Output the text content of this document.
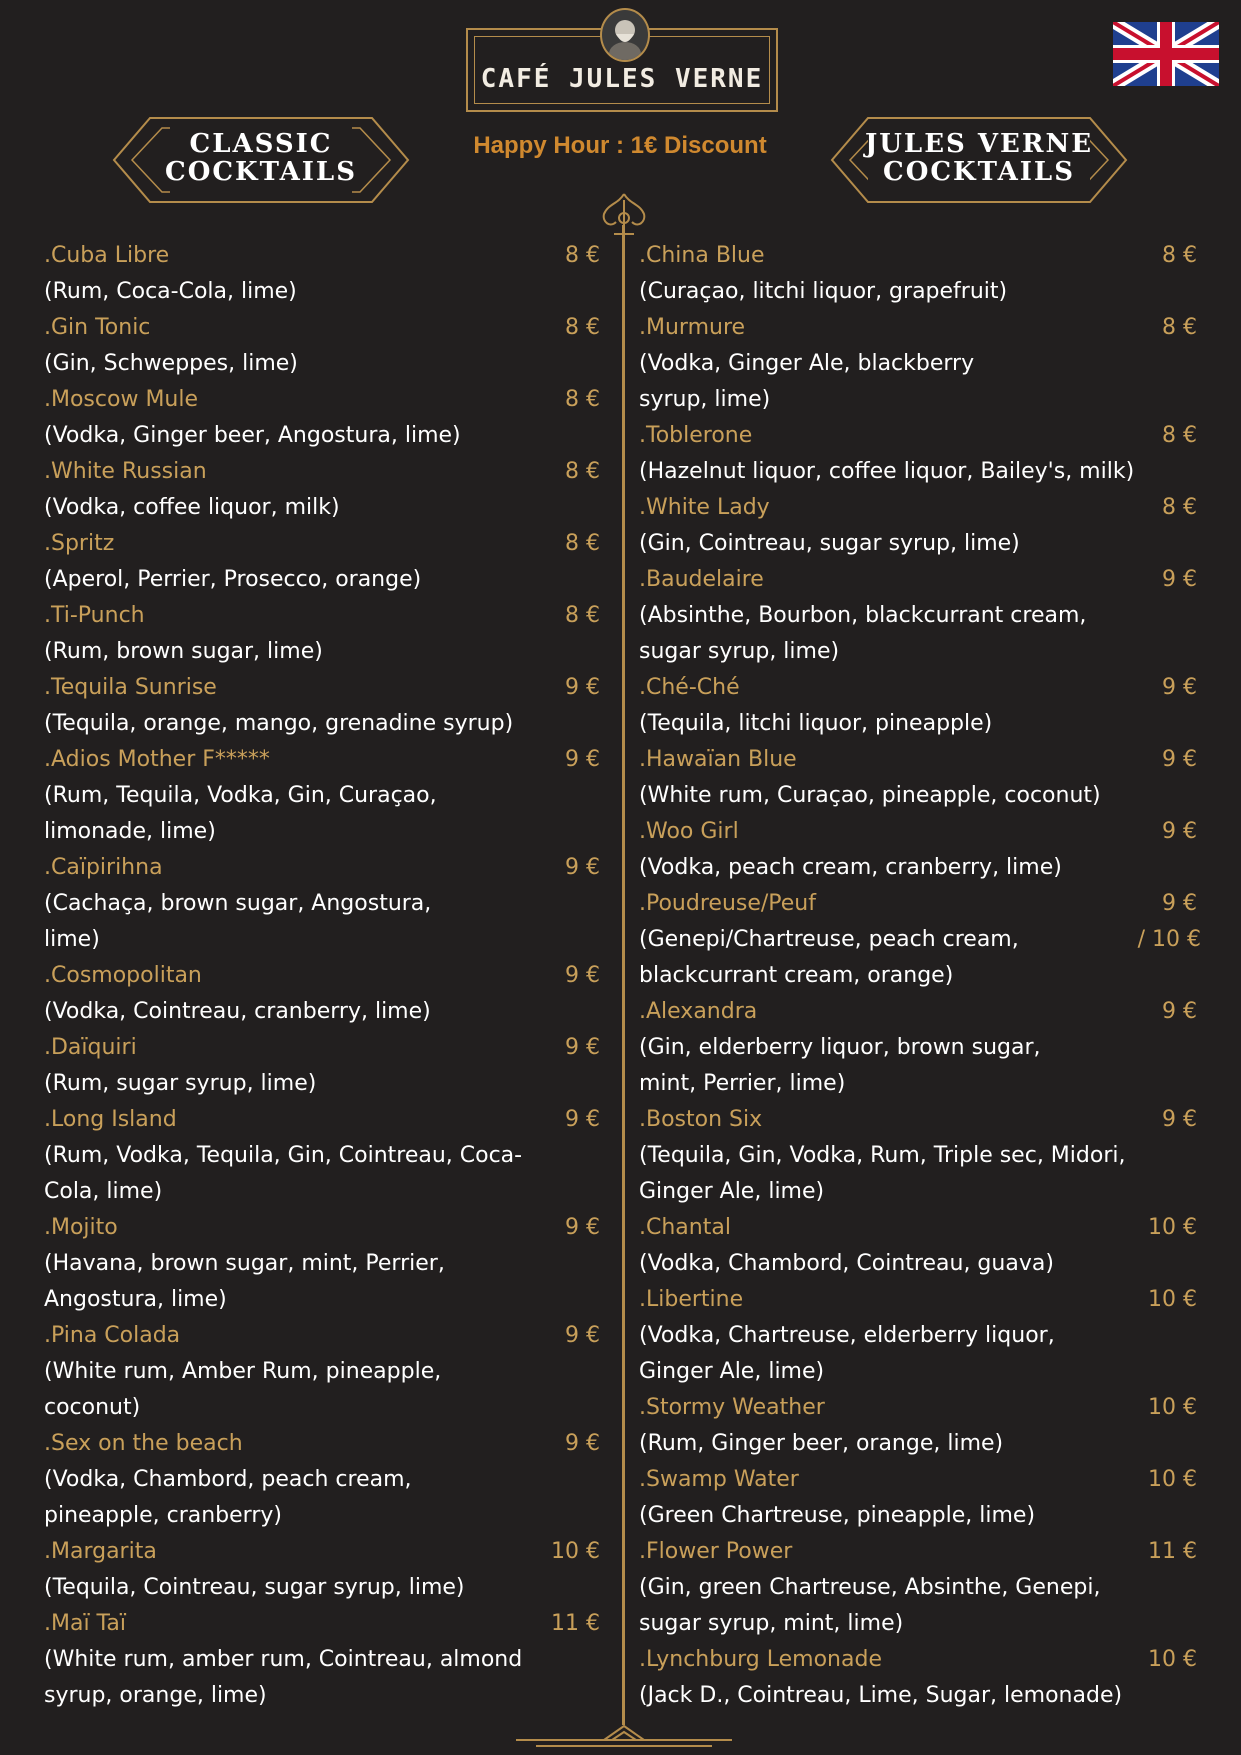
CAFÉ JULES VERNE
Happy Hour : 1€ Discount
CLASSIC
COCKTAILS
JULES VERNE
COCKTAILS
.Cuba Libre	8 €
(Rum, Coca-Cola, lime)
.Gin Tonic	8 €
(Gin, Schweppes, lime)
.Moscow Mule	8 €
(Vodka, Ginger beer, Angostura, lime)
.White Russian	8 €
(Vodka, coffee liquor, milk)
.Spritz	8 €
(Aperol, Perrier, Prosecco, orange)
.Ti-Punch	8 €
(Rum, brown sugar, lime)
.Tequila Sunrise	9 €
(Tequila, orange, mango, grenadine syrup)
.Adios Mother F*****	9 €
(Rum, Tequila, Vodka, Gin, Curaçao,
limonade, lime)
.Caïpirihna	9 €
(Cachaça, brown sugar, Angostura,
lime)
.Cosmopolitan	9 €
(Vodka, Cointreau, cranberry, lime)
.Daïquiri	9 €
(Rum, sugar syrup, lime)
.Long Island	9 €
(Rum, Vodka, Tequila, Gin, Cointreau, Coca-
Cola, lime)
.Mojito	9 €
(Havana, brown sugar, mint, Perrier,
Angostura, lime)
.Pina Colada	9 €
(White rum, Amber Rum, pineapple,
coconut)
.Sex on the beach	9 €
(Vodka, Chambord, peach cream,
pineapple, cranberry)
.Margarita	10 €
(Tequila, Cointreau, sugar syrup, lime)
.Maï Taï	11 €
(White rum, amber rum, Cointreau, almond
syrup, orange, lime)
.China Blue	8 €
(Curaçao, litchi liquor, grapefruit)
.Murmure	8 €
(Vodka, Ginger Ale, blackberry
syrup, lime)
.Toblerone	8 €
(Hazelnut liquor, coffee liquor, Bailey's, milk)
.White Lady	8 €
(Gin, Cointreau, sugar syrup, lime)
.Baudelaire	9 €
(Absinthe, Bourbon, blackcurrant cream,
sugar syrup, lime)
.Ché-Ché	9 €
(Tequila, litchi liquor, pineapple)
.Hawaïan Blue	9 €
(White rum, Curaçao, pineapple, coconut)
.Woo Girl	9 €
(Vodka, peach cream, cranberry, lime)
.Poudreuse/Peuf	9 €
/ 10 €
(Genepi/Chartreuse, peach cream,
blackcurrant cream, orange)
.Alexandra	9 €
(Gin, elderberry liquor, brown sugar,
mint, Perrier, lime)
.Boston Six	9 €
(Tequila, Gin, Vodka, Rum, Triple sec, Midori,
Ginger Ale, lime)
.Chantal	10 €
(Vodka, Chambord, Cointreau, guava)
.Libertine	10 €
(Vodka, Chartreuse, elderberry liquor,
Ginger Ale, lime)
.Stormy Weather	10 €
(Rum, Ginger beer, orange, lime)
.Swamp Water	10 €
(Green Chartreuse, pineapple, lime)
.Flower Power	11 €
(Gin, green Chartreuse, Absinthe, Genepi,
sugar syrup, mint, lime)
.Lynchburg Lemonade	10 €
(Jack D., Cointreau, Lime, Sugar, lemonade)
